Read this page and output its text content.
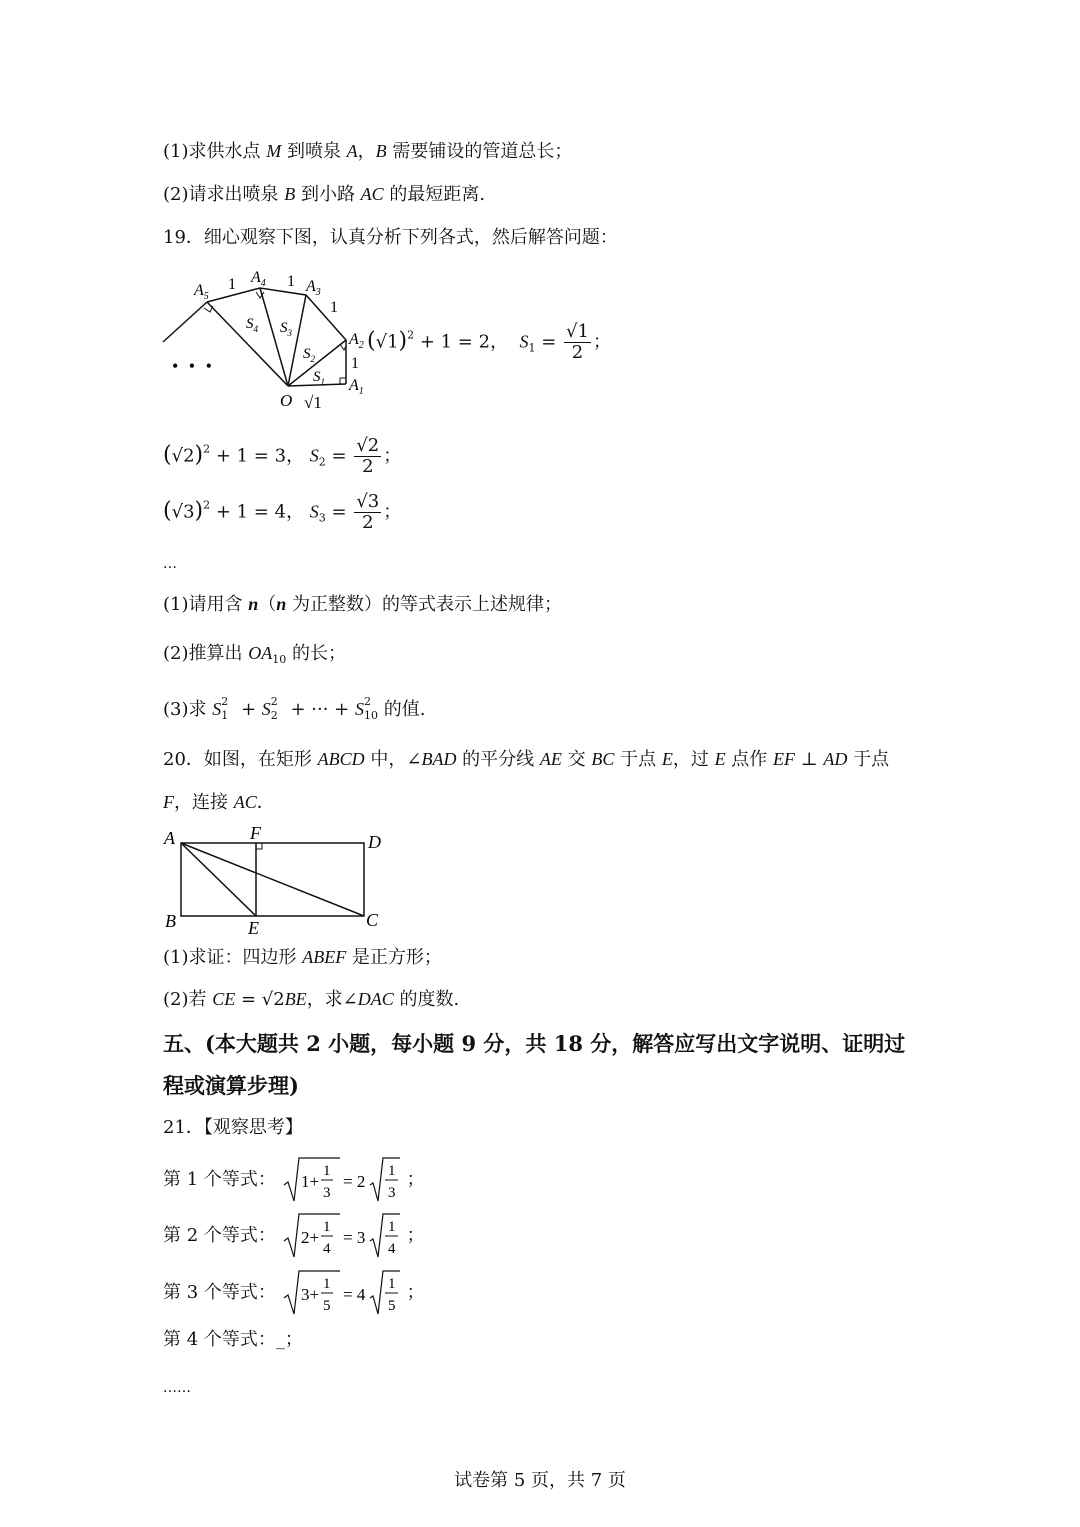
(1)求供水点 M 到喷泉 A，B 需要铺设的管道总长；
(2)请求出喷泉 B 到小路 AC 的最短距离.
19．细心观察下图，认真分析下列各式，然后解答问题：
$A_5$
$A_4$	$A_3$
$A_2$
$A_1$
O
$S_4$ $S_3$
$S_2$
$S_1$
1	1
1
1
√1
• • •
$(√1)^2 + 1 = 2$，  $S_1 = \frac{√1}{2}$ ；
$(√2)^2 + 1 = 3$， $S_2 = \frac{√2}{2}$ ；
$(√3)^2 + 1 = 4$， $S_3 = \frac{√3}{2}$ ；
…
(1)请用含 n（n 为正整数）的等式表示上述规律；
(2)推算出 $OA_{10}$ 的长；
(3)求 S 2
1 + S 2
2 + ··· + S 2
10 的值.
20．如图，在矩形 ABCD 中，∠BAD 的平分线 AE 交 BC 于点 E，过 E 点作 EF ⊥ AD 于点
F，连接 AC．
A	F	D
B	E	C
(1)求证：四边形 ABEF 是正方形；
(2)若 CE = √2BE，求∠DAC 的度数.
五、(本大题共 2 小题，每小题 9 分，共 18 分，解答应写出文字说明、证明过
程或演算步理)
21．【观察思考】
第 1 个等式： 1+
1
3
= 2
1
3
；
第 2 个等式： 2+
1
4
= 3
1
4
；
第 3 个等式： 3+
1
5
= 4
1
5
；
第 4 个等式：_；
……
试卷第 5 页，共 7 页
